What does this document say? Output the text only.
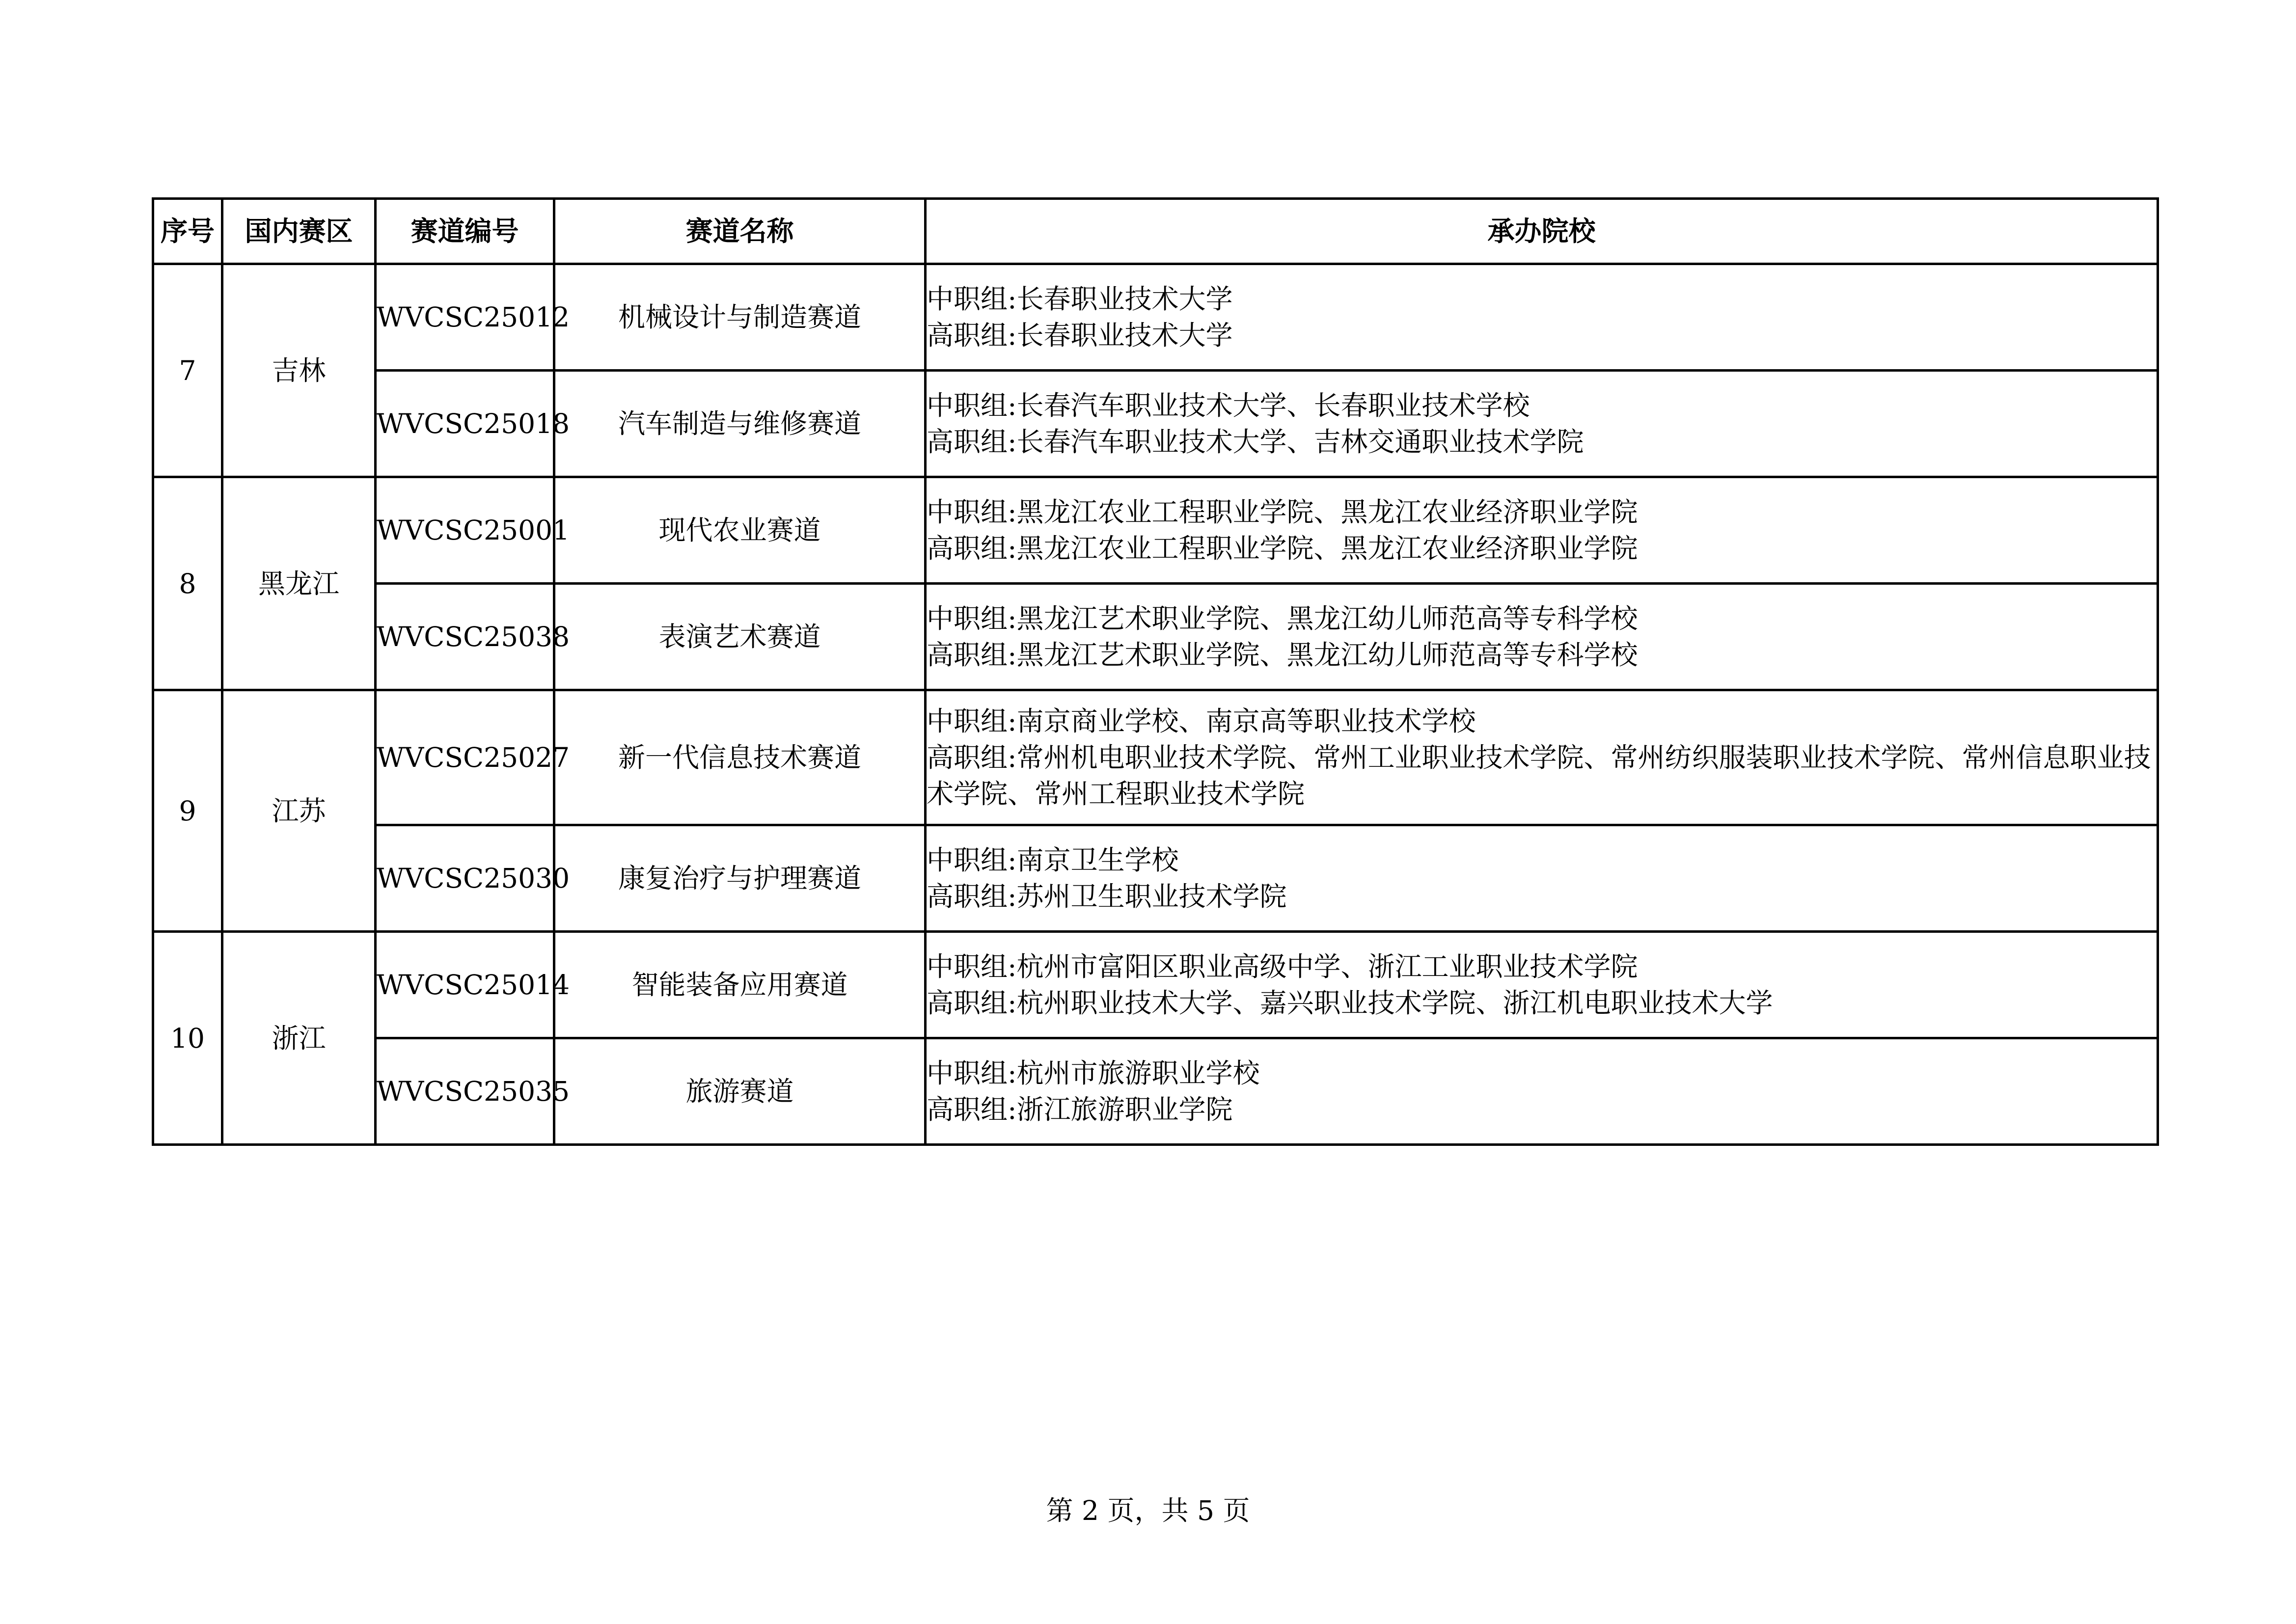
序号	国内赛区	赛道编号	赛道名称	承办院校
7	吉林	WVCSC25012	机械设计与制造赛道	中职组:长春职业技术大学
高职组:长春职业技术大学

		WVCSC25018	汽车制造与维修赛道	中职组:长春汽车职业技术大学、长春职业技术学校
高职组:长春汽车职业技术大学、吉林交通职业技术学院

8	黑龙江	WVCSC25001	现代农业赛道	中职组:黑龙江农业工程职业学院、黑龙江农业经济职业学院
高职组:黑龙江农业工程职业学院、黑龙江农业经济职业学院

		WVCSC25038	表演艺术赛道	中职组:黑龙江艺术职业学院、黑龙江幼儿师范高等专科学校
高职组:黑龙江艺术职业学院、黑龙江幼儿师范高等专科学校

9	江苏	WVCSC25027	新一代信息技术赛道	中职组:南京商业学校、南京高等职业技术学校
高职组:常州机电职业技术学院、常州工业职业技术学院、常州纺织服装职业技术学院、常州信息职业技术学院、常州工程职业技术学院

		WVCSC25030	康复治疗与护理赛道	中职组:南京卫生学校
高职组:苏州卫生职业技术学院

10	浙江	WVCSC25014	智能装备应用赛道	中职组:杭州市富阳区职业高级中学、浙江工业职业技术学院
高职组:杭州职业技术大学、嘉兴职业技术学院、浙江机电职业技术大学

		WVCSC25035	旅游赛道	中职组:杭州市旅游职业学校
高职组:浙江旅游职业学院
第 2 页，共 5 页
